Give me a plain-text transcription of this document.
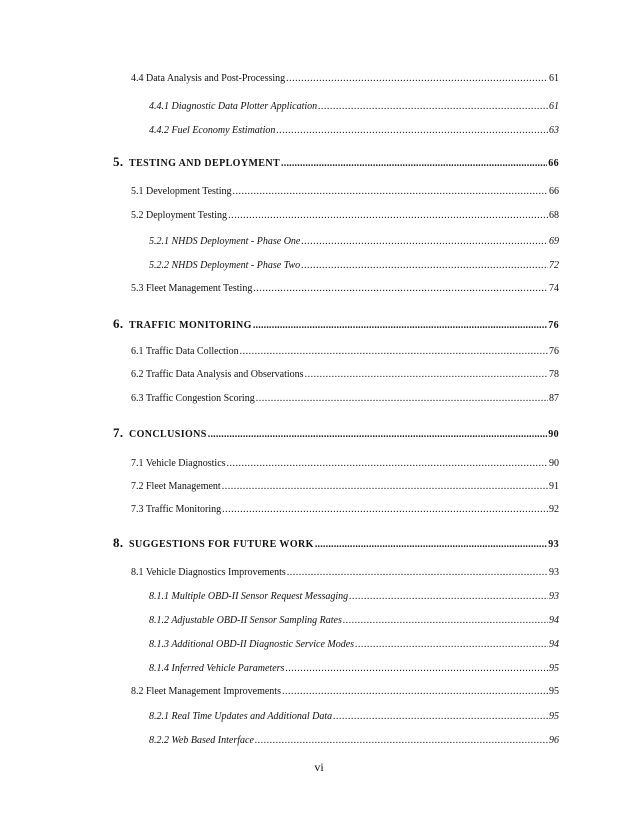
4.4 Data Analysis and Post-Processing .....	61
4.4.1 Diagnostic Data Plotter Application .....	61
4.4.2 Fuel Economy Estimation .....	63
5. TESTING AND DEPLOYMENT .....	66
5.1 Development Testing .....	66
5.2 Deployment Testing .....	68
5.2.1 NHDS Deployment - Phase One .....	69
5.2.2 NHDS Deployment - Phase Two .....	72
5.3 Fleet Management Testing .....	74
6. TRAFFIC MONITORING .....	76
6.1 Traffic Data Collection .....	76
6.2 Traffic Data Analysis and Observations .....	78
6.3 Traffic Congestion Scoring .....	87
7. CONCLUSIONS .....	90
7.1 Vehicle Diagnostics .....	90
7.2 Fleet Management .....	91
7.3 Traffic Monitoring .....	92
8. SUGGESTIONS FOR FUTURE WORK .....	93
8.1 Vehicle Diagnostics Improvements .....	93
8.1.1 Multiple OBD-II Sensor Request Messaging .....	93
8.1.2 Adjustable OBD-II Sensor Sampling Rates .....	94
8.1.3 Additional OBD-II Diagnostic Service Modes .....	94
8.1.4 Inferred Vehicle Parameters .....	95
8.2 Fleet Management Improvements .....	95
8.2.1 Real Time Updates and Additional Data .....	95
8.2.2 Web Based Interface .....	96
vi
